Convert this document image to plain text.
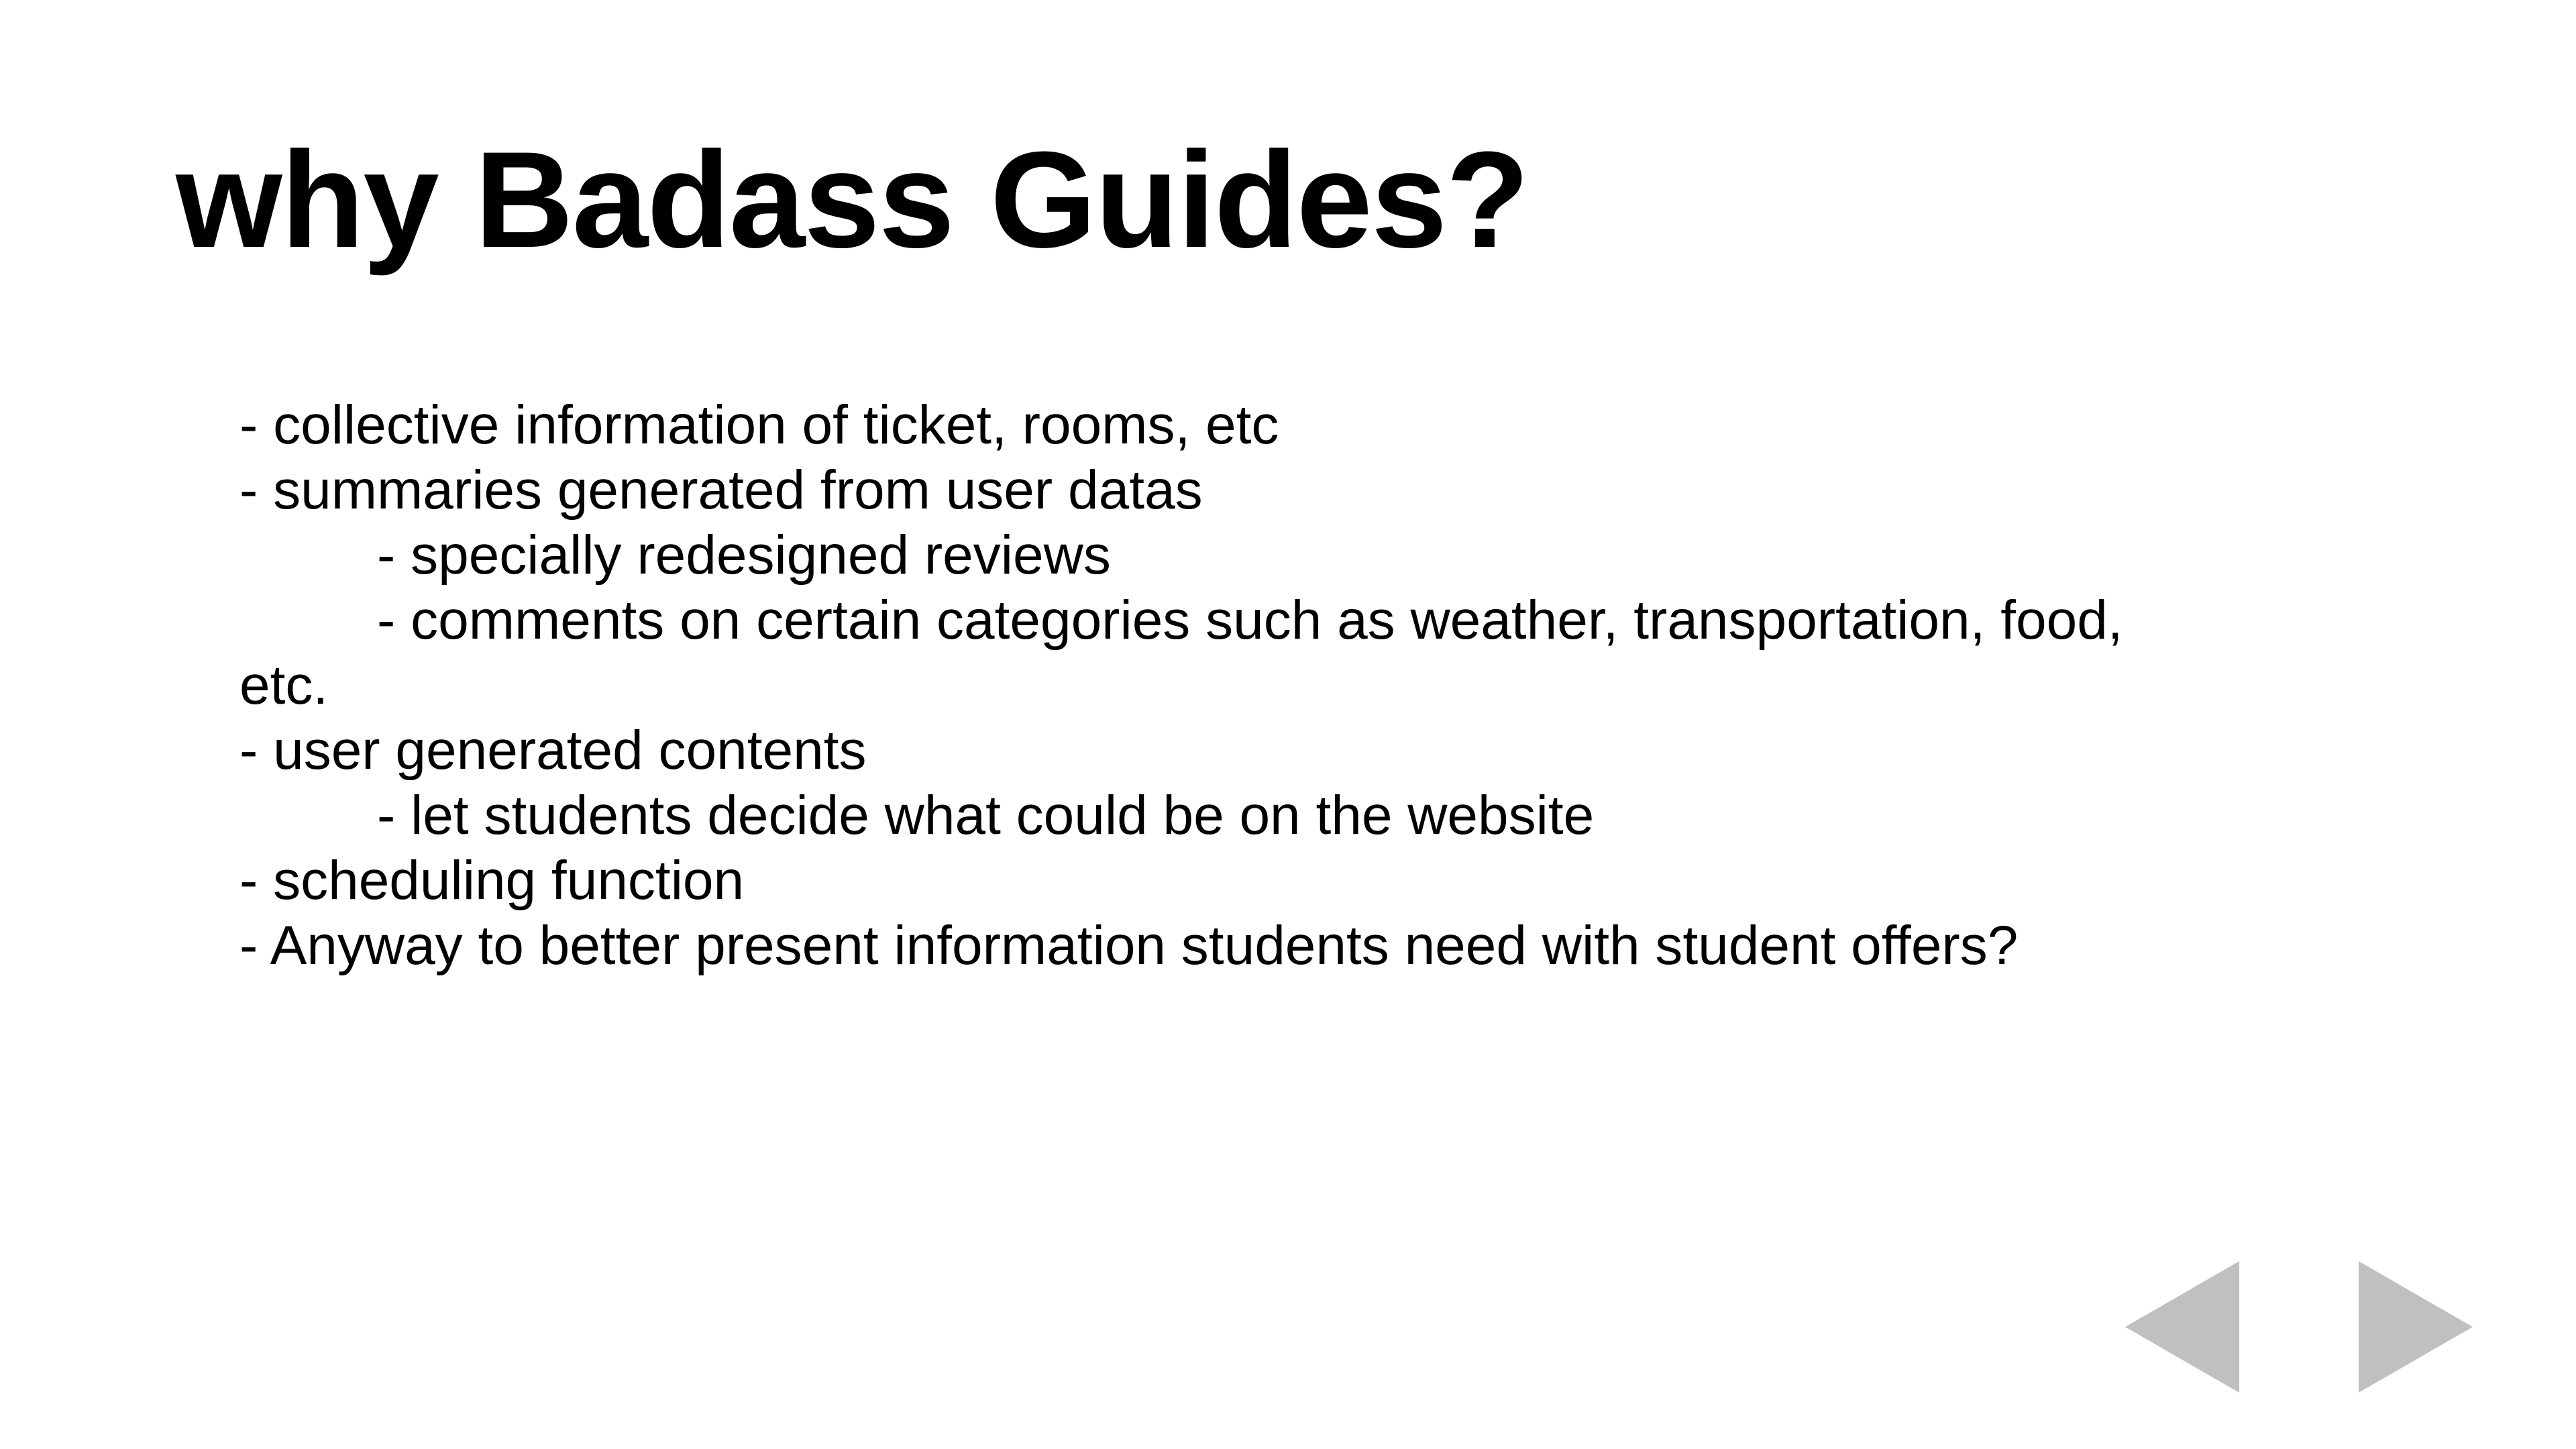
why Badass Guides?
- collective information of ticket, rooms, etc
- summaries generated from user datas
- specially redesigned reviews
- comments on certain categories such as weather, transportation, food,
etc.
- user generated contents
- let students decide what could be on the website
- scheduling function
- Anyway to better present information students need with student offers?
